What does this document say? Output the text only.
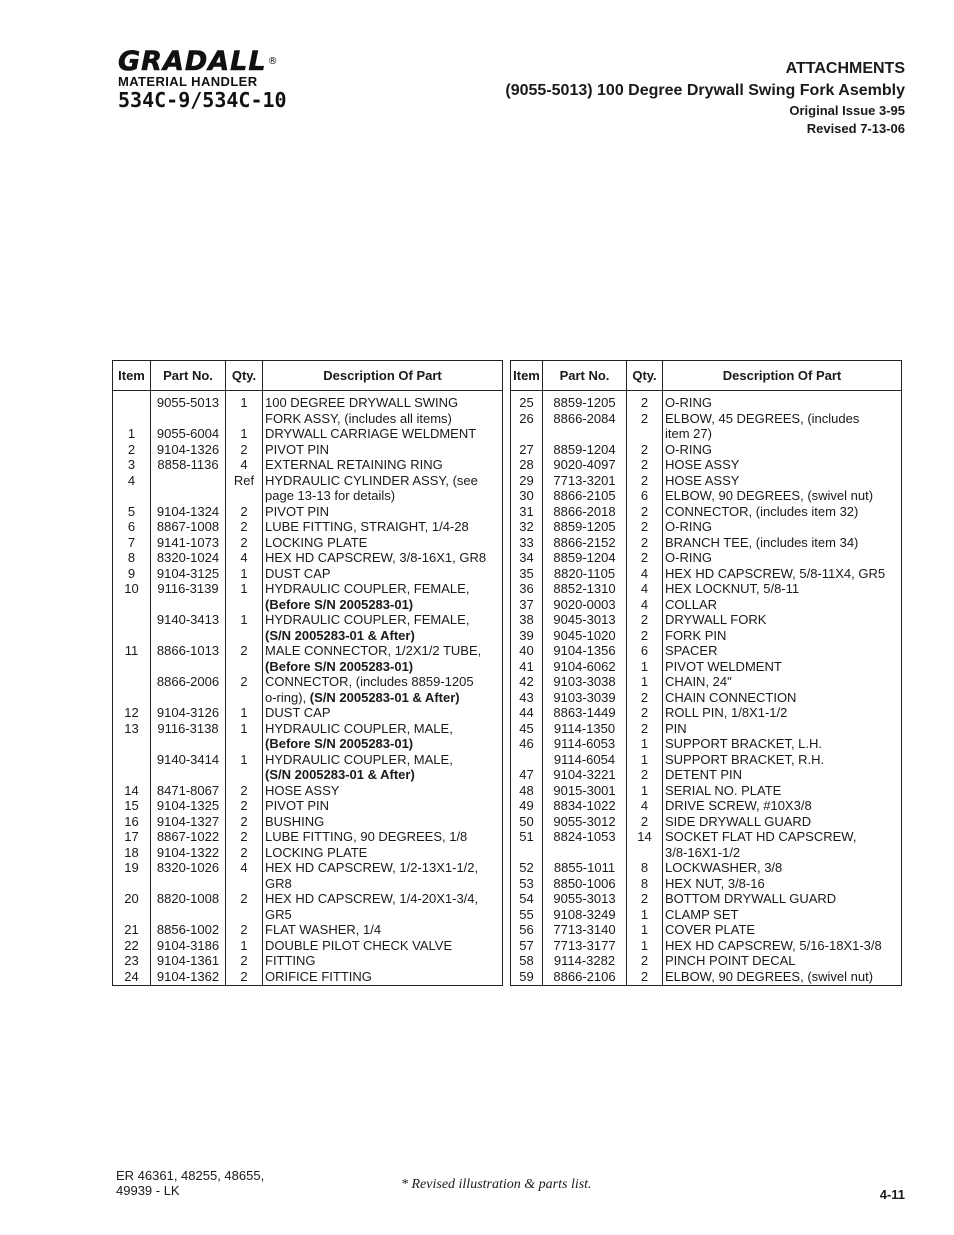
GRADALL®
MATERIAL HANDLER
534C-9/534C-10
ATTACHMENTS
(9055-5013) 100 Degree Drywall Swing Fork Asembly
Original Issue 3-95
Revised 7-13-06
Item	Part No.	Qty.	Description Of Part
	9055-5013	1	100 DEGREE DRYWALL SWING
			FORK ASSY, (includes all items)
1	9055-6004	1	DRYWALL CARRIAGE WELDMENT
2	9104-1326	2	PIVOT PIN
3	8858-1136	4	EXTERNAL RETAINING RING
4		Ref	HYDRAULIC CYLINDER ASSY, (see
			page 13-13 for details)
5	9104-1324	2	PIVOT PIN
6	8867-1008	2	LUBE FITTING, STRAIGHT, 1/4-28
7	9141-1073	2	LOCKING PLATE
8	8320-1024	4	HEX HD CAPSCREW, 3/8-16X1, GR8
9	9104-3125	1	DUST CAP
10	9116-3139	1	HYDRAULIC COUPLER, FEMALE,
			(Before S/N 2005283-01)
	9140-3413	1	HYDRAULIC COUPLER, FEMALE,
			(S/N 2005283-01 & After)
11	8866-1013	2	MALE CONNECTOR, 1/2X1/2 TUBE,
			(Before S/N 2005283-01)
	8866-2006	2	CONNECTOR, (includes 8859-1205
			o-ring), (S/N 2005283-01 & After)
12	9104-3126	1	DUST CAP
13	9116-3138	1	HYDRAULIC COUPLER, MALE,
			(Before S/N 2005283-01)
	9140-3414	1	HYDRAULIC COUPLER, MALE,
			(S/N 2005283-01 & After)
14	8471-8067	2	HOSE ASSY
15	9104-1325	2	PIVOT PIN
16	9104-1327	2	BUSHING
17	8867-1022	2	LUBE FITTING, 90 DEGREES, 1/8
18	9104-1322	2	LOCKING PLATE
19	8320-1026	4	HEX HD CAPSCREW, 1/2-13X1-1/2,
			GR8
20	8820-1008	2	HEX HD CAPSCREW, 1/4-20X1-3/4,
			GR5
21	8856-1002	2	FLAT WASHER, 1/4
22	9104-3186	1	DOUBLE PILOT CHECK VALVE
23	9104-1361	2	FITTING
24	9104-1362	2	ORIFICE FITTING
Item	Part No.	Qty.	Description Of Part
25	8859-1205	2	O-RING
26	8866-2084	2	ELBOW, 45 DEGREES, (includes
			item 27)
27	8859-1204	2	O-RING
28	9020-4097	2	HOSE ASSY
29	7713-3201	2	HOSE ASSY
30	8866-2105	6	ELBOW, 90 DEGREES, (swivel nut)
31	8866-2018	2	CONNECTOR, (includes item 32)
32	8859-1205	2	O-RING
33	8866-2152	2	BRANCH TEE, (includes item 34)
34	8859-1204	2	O-RING
35	8820-1105	4	HEX HD CAPSCREW, 5/8-11X4, GR5
36	8852-1310	4	HEX LOCKNUT, 5/8-11
37	9020-0003	4	COLLAR
38	9045-3013	2	DRYWALL FORK
39	9045-1020	2	FORK PIN
40	9104-1356	6	SPACER
41	9104-6062	1	PIVOT WELDMENT
42	9103-3038	1	CHAIN, 24"
43	9103-3039	2	CHAIN CONNECTION
44	8863-1449	2	ROLL PIN, 1/8X1-1/2
45	9114-1350	2	PIN
46	9114-6053	1	SUPPORT BRACKET, L.H.
	9114-6054	1	SUPPORT BRACKET, R.H.
47	9104-3221	2	DETENT PIN
48	9015-3001	1	SERIAL NO. PLATE
49	8834-1022	4	DRIVE SCREW, #10X3/8
50	9055-3012	2	SIDE DRYWALL GUARD
51	8824-1053	14	SOCKET FLAT HD CAPSCREW,
			3/8-16X1-1/2
52	8855-1011	8	LOCKWASHER, 3/8
53	8850-1006	8	HEX NUT, 3/8-16
54	9055-3013	2	BOTTOM DRYWALL GUARD
55	9108-3249	1	CLAMP SET
56	7713-3140	1	COVER PLATE
57	7713-3177	1	HEX HD CAPSCREW, 5/16-18X1-3/8
58	9114-3282	2	PINCH POINT DECAL
59	8866-2106	2	ELBOW, 90 DEGREES, (swivel nut)
ER 46361, 48255, 48655,
49939 - LK	* Revised illustration & parts list.
4-11
